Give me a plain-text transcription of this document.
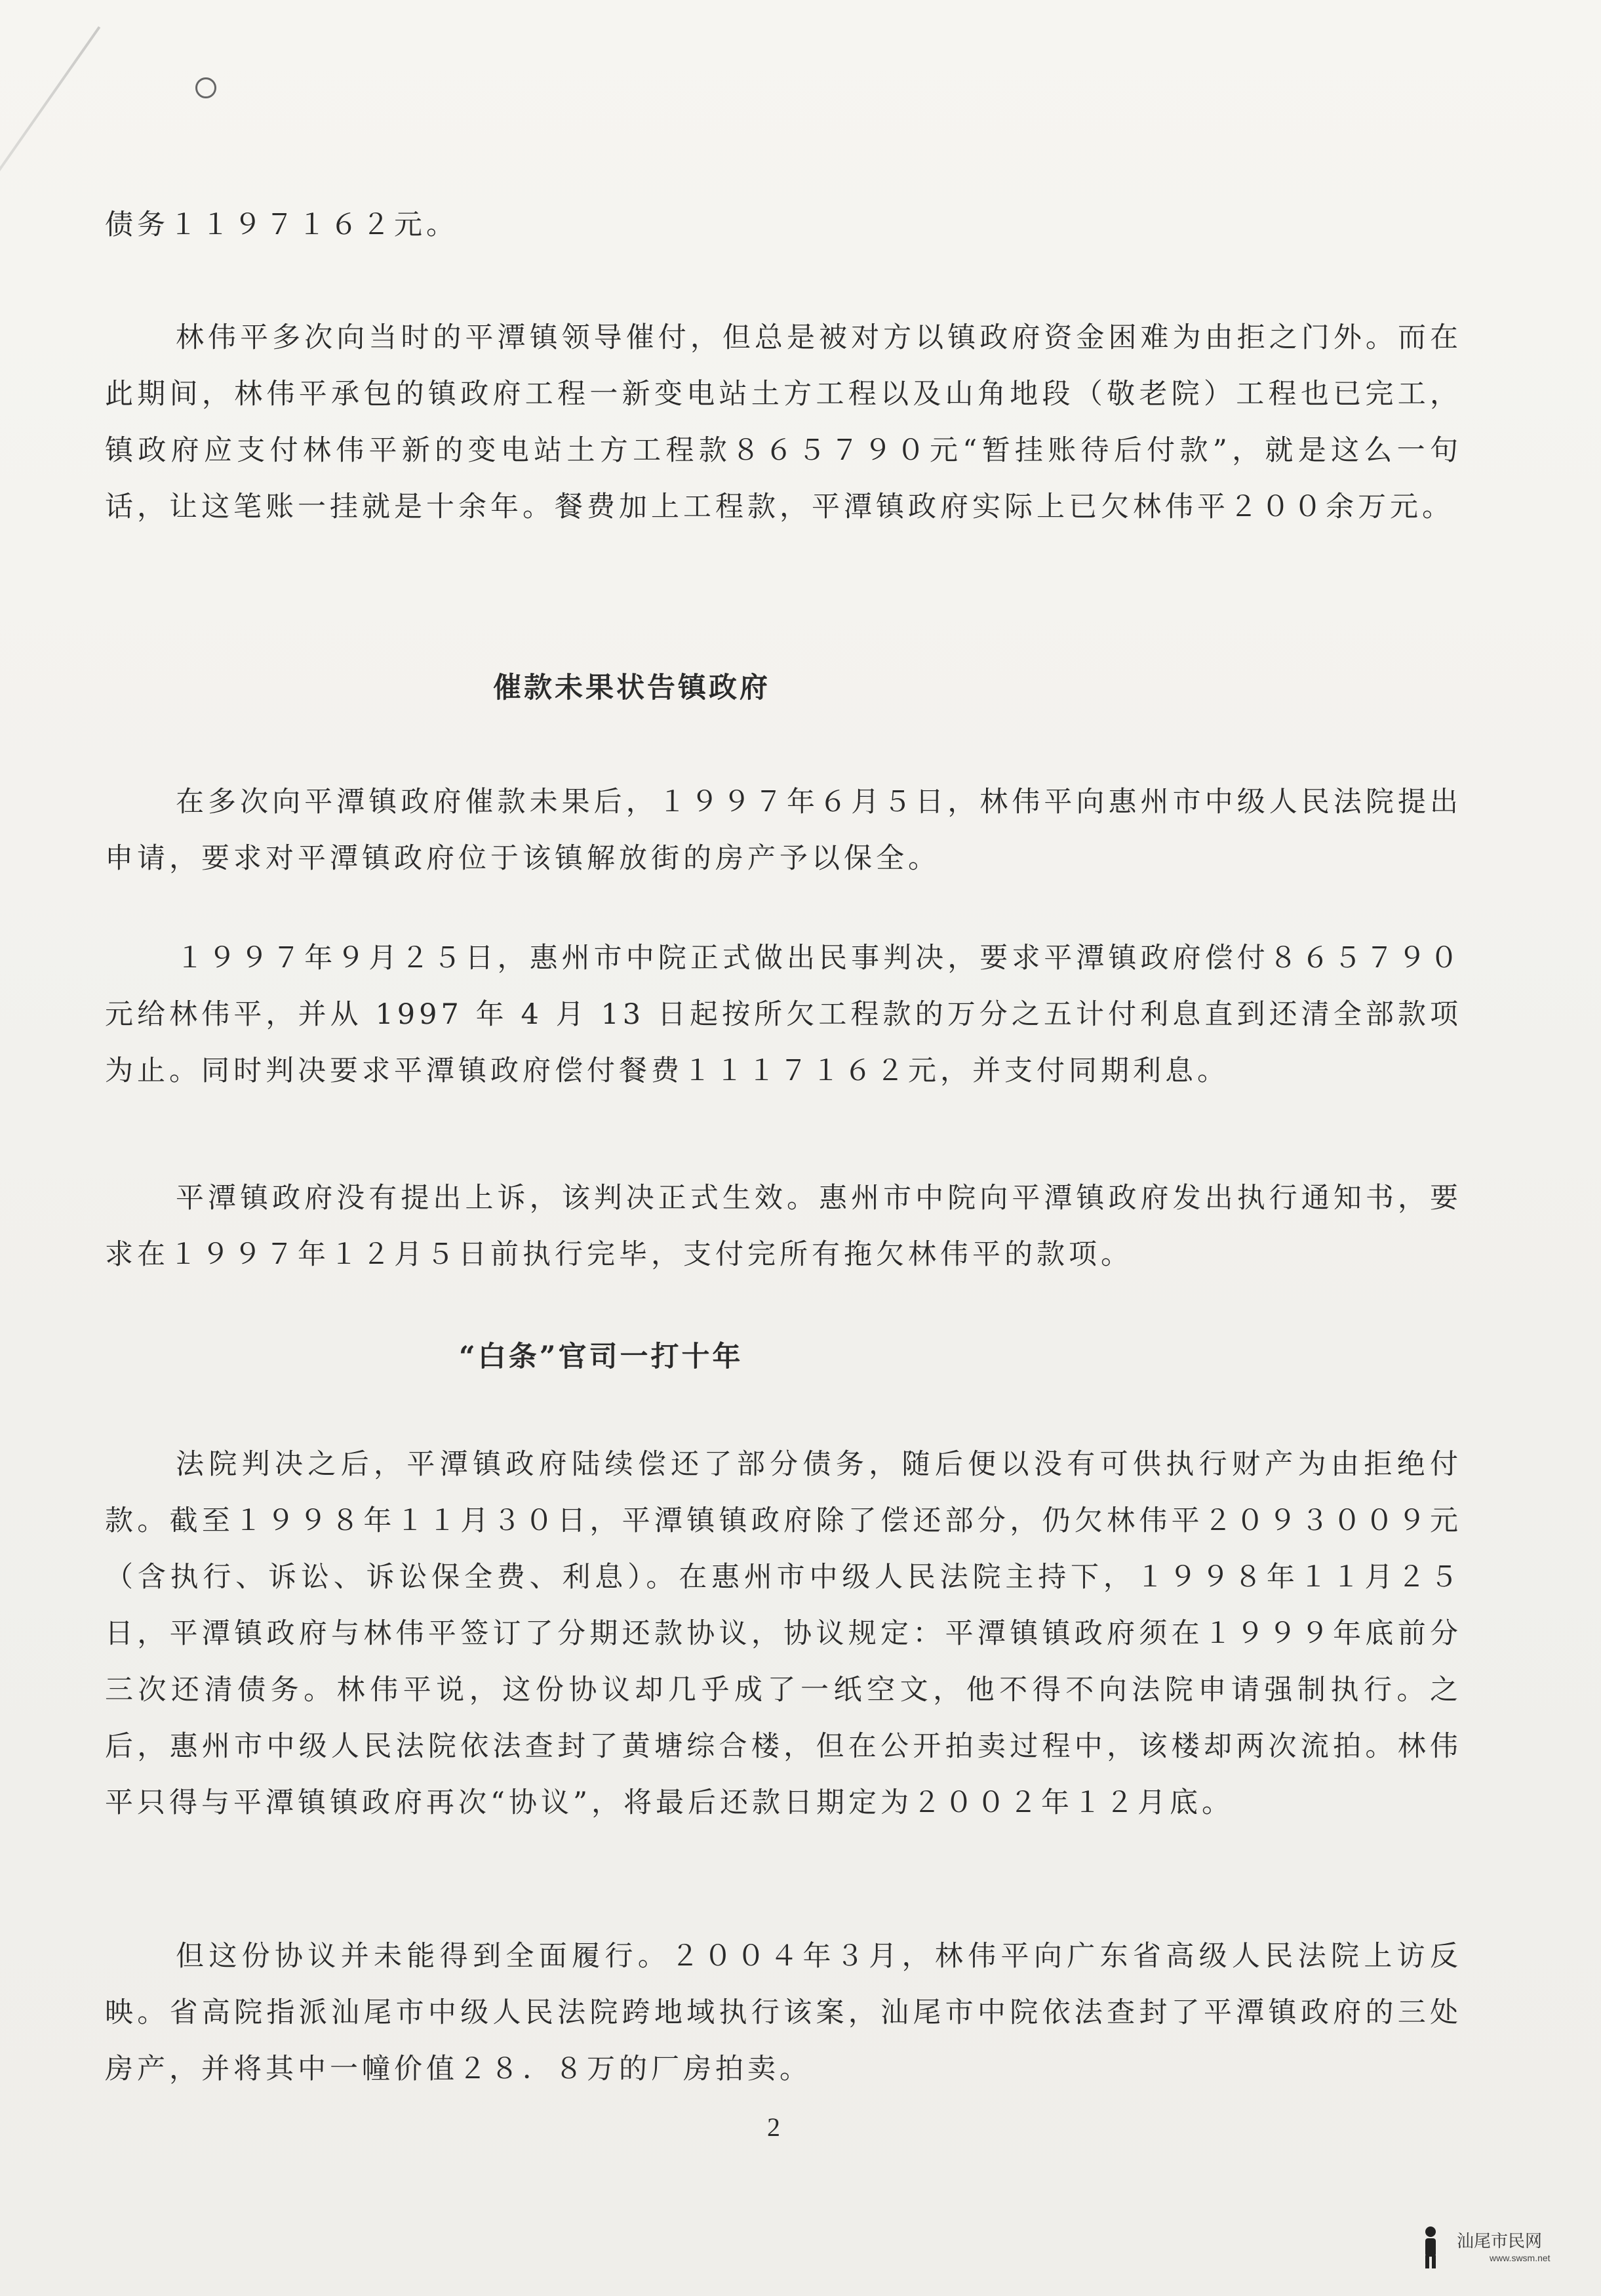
债务１１９７１６２元。

林伟平多次向当时的平潭镇领导催付，但总是被对方以镇政府资金困难为由拒之门外。而在此期间，林伟平承包的镇政府工程一新变电站土方工程以及山角地段（敬老院）工程也已完工，镇政府应支付林伟平新的变电站土方工程款８６５７９０元“暂挂账待后付款”，就是这么一句话，让这笔账一挂就是十余年。餐费加上工程款，平潭镇政府实际上已欠林伟平２００余万元。

催款未果状告镇政府

在多次向平潭镇政府催款未果后，１９９７年６月５日，林伟平向惠州市中级人民法院提出申请，要求对平潭镇政府位于该镇解放街的房产予以保全。

１９９７年９月２５日，惠州市中院正式做出民事判决，要求平潭镇政府偿付８６５７９０元给林伟平，并从 1997 年 4 月 13 日起按所欠工程款的万分之五计付利息直到还清全部款项为止。同时判决要求平潭镇政府偿付餐费１１１７１６２元，并支付同期利息。

平潭镇政府没有提出上诉，该判决正式生效。惠州市中院向平潭镇政府发出执行通知书，要求在１９９７年１２月５日前执行完毕，支付完所有拖欠林伟平的款项。

“白条”官司一打十年

法院判决之后，平潭镇政府陆续偿还了部分债务，随后便以没有可供执行财产为由拒绝付款。截至１９９８年１１月３０日，平潭镇镇政府除了偿还部分，仍欠林伟平２０９３００９元（含执行、诉讼、诉讼保全费、利息）。在惠州市中级人民法院主持下，１９９８年１１月２５日，平潭镇政府与林伟平签订了分期还款协议，协议规定：平潭镇镇政府须在１９９９年底前分三次还清债务。林伟平说，这份协议却几乎成了一纸空文，他不得不向法院申请强制执行。之后，惠州市中级人民法院依法查封了黄塘综合楼，但在公开拍卖过程中，该楼却两次流拍。林伟平只得与平潭镇镇政府再次“协议”，将最后还款日期定为２００２年１２月底。

但这份协议并未能得到全面履行。２００４年３月，林伟平向广东省高级人民法院上访反映。省高院指派汕尾市中级人民法院跨地域执行该案，汕尾市中院依法查封了平潭镇政府的三处房产，并将其中一幢价值２８．８万的厂房拍卖。

2
汕尾市民网
www.swsm.net
